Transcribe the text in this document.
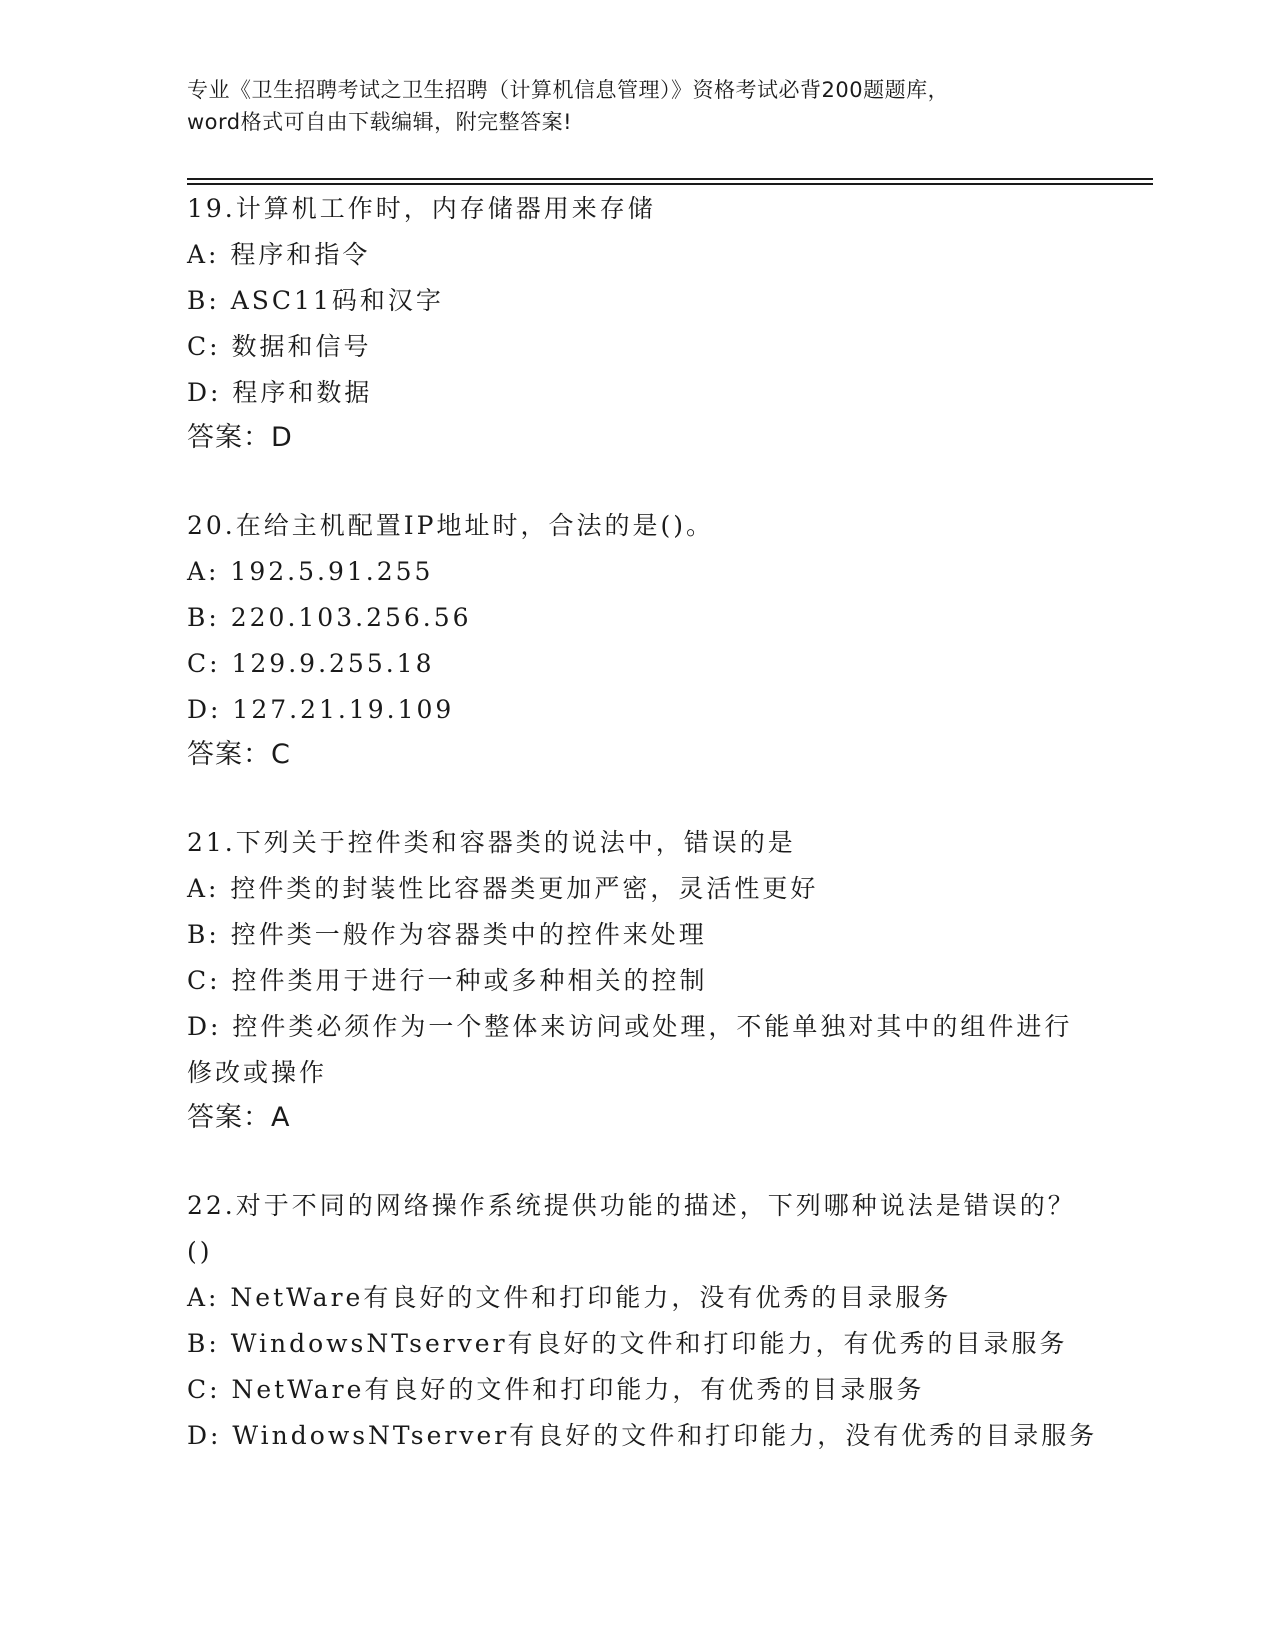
专业《卫生招聘考试之卫生招聘（计算机信息管理）》资格考试必背200题题库，
word格式可自由下载编辑，附完整答案!
19.计算机工作时，内存储器用来存储
A: 程序和指令
B: ASC11码和汉字
C: 数据和信号
D: 程序和数据
答案：D
20.在给主机配置IP地址时，合法的是()。
A: 192.5.91.255
B: 220.103.256.56
C: 129.9.255.18
D: 127.21.19.109
答案：C
21.下列关于控件类和容器类的说法中，错误的是
A: 控件类的封装性比容器类更加严密，灵活性更好
B: 控件类一般作为容器类中的控件来处理
C: 控件类用于进行一种或多种相关的控制
D: 控件类必须作为一个整体来访问或处理，不能单独对其中的组件进行修改或操作
答案：A
22.对于不同的网络操作系统提供功能的描述，下列哪种说法是错误的？()
A: NetWare有良好的文件和打印能力，没有优秀的目录服务
B: WindowsNTserver有良好的文件和打印能力，有优秀的目录服务
C: NetWare有良好的文件和打印能力，有优秀的目录服务
D: WindowsNTserver有良好的文件和打印能力，没有优秀的目录服务
